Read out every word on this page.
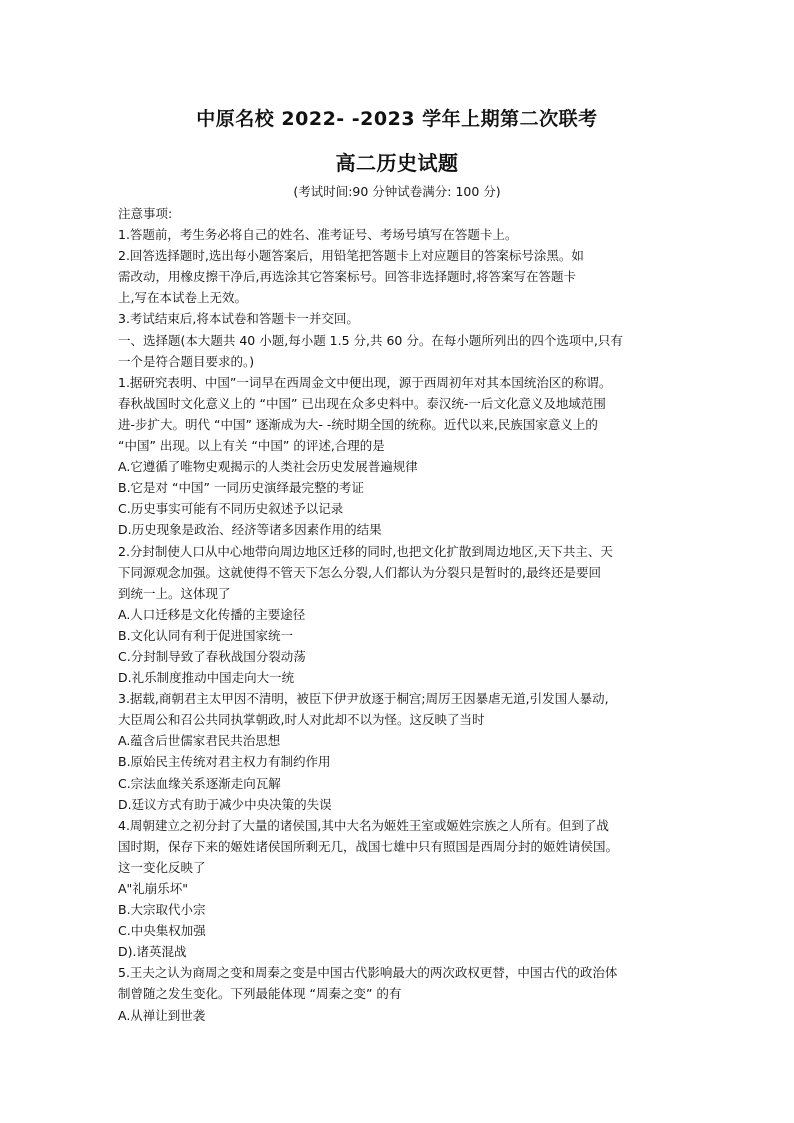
中原名校 2022- -2023 学年上期第二次联考
高二历史试题
(考试时间:90 分钟试卷满分: 100 分)
注意事项:
1.答题前，考生务必将自己的姓名、准考证号、考场号填写在答题卡上。
2.回答选择题时,选出每小题答案后，用铅笔把答题卡上对应题目的答案标号涂黑。如
需改动，用橡皮擦干净后,再选涂其它答案标号。回答非选择题时,将答案写在答题卡
上,写在本试卷上无效。
3.考试结束后,将本试卷和答题卡一并交回。
一、选择题(本大题共 40 小题,每小题 1.5 分,共 60 分。在每小题所列出的四个选项中,只有
一个是符合题目要求的。)
1.据研究表明、中国”一词早在西周金文中便出现，源于西周初年对其本国统治区的称谓。
春秋战国时文化意义上的 “中国” 已出现在众多史料中。泰汉统-一后文化意义及地域范围
进-步扩大。明代 “中国” 逐渐成为大- -统时期全国的统称。近代以来,民族国家意义上的
“中国” 出现。以上有关 “中国” 的评述,合理的是
A.它遵循了唯物史观揭示的人类社会历史发展普遍规律
B.它是对 “中国” 一同历史演绎最完整的考证
C.历史事实可能有不同历史叙述予以记录
D.历史现象是政治、经济等诸多因素作用的结果
2.分封制使人口从中心地带向周边地区迁移的同时,也把文化扩散到周边地区,天下共主、天
下同源观念加强。这就使得不管天下怎么分裂,人们都认为分裂只是暂时的,最终还是要回
到统一上。这体现了
A.人口迁移是文化传播的主要途径
B.文化认同有利于促进国家统一
C.分封制导致了春秋战国分裂动荡
D.礼乐制度推动中国走向大一统
3.据载,商朝君主太甲因不清明，被臣下伊尹放逐于桐宫;周厉王因暴虐无道,引发国人暴动,
大臣周公和召公共同执掌朝政,时人对此却不以为怪。这反映了当时
A.蕴含后世儒家君民共治思想
B.原始民主传统对君主权力有制约作用
C.宗法血缘关系逐渐走向瓦解
D.廷议方式有助于减少中央决策的失误
4.周朝建立之初分封了大量的诸侯国,其中大名为姬姓王室或姬姓宗族之人所有。但到了战
国时期，保存下来的姬姓诸侯国所剩无几，战国七雄中只有照国是西周分封的姬姓请侯国。
这一变化反映了
A"礼崩乐坏"
B.大宗取代小宗
C.中央集权加强
D).诸英混战
5.王夫之认为商周之变和周秦之变是中国古代影响最大的两次政权更替，中国古代的政治体
制曾随之发生变化。下列最能体现 “周秦之变” 的有
A.从禅让到世袭
